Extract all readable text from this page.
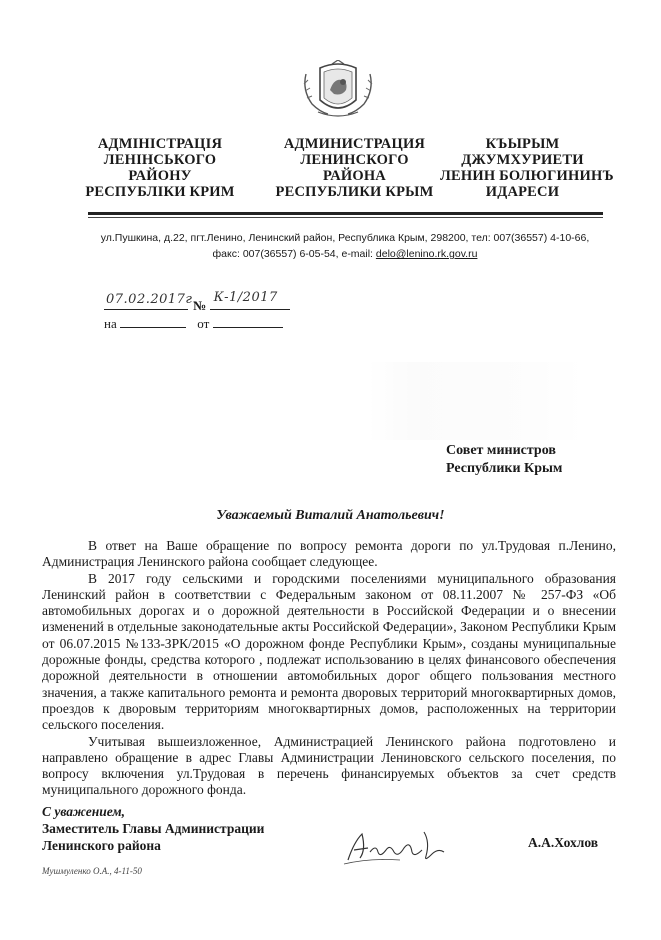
АДМІНІСТРАЦІЯ
ЛЕНІНСЬКОГО
РАЙОНУ
РЕСПУБЛІКИ КРИМ
АДМИНИСТРАЦИЯ
ЛЕНИНСКОГО
РАЙОНА
РЕСПУБЛИКИ КРЫМ
КЪЫРЫМ
ДЖУМХУРИЕТИ
ЛЕНИН БОЛЮГИНИНЪ
ИДАРЕСИ
ул.Пушкина, д.22, пгт.Ленино, Ленинский район, Республика Крым, 298200, тел: 007(36557) 4-10-66,
факс: 007(36557) 6-05-54, e-mail: delo@lenino.rk.gov.ru
07.02.2017г.
№
К-1/2017
на	от
Совет министров
Республики Крым
Уважаемый Виталий Анатольевич!

В ответ на Ваше обращение по вопросу ремонта дороги по ул.Трудовая п.Ленино, Администрация Ленинского района сообщает следующее.

В 2017 году сельскими и городскими поселениями муниципального образования Ленинский район в соответствии с Федеральным законом от 08.11.2007 № 257-ФЗ «Об автомобильных дорогах и о дорожной деятельности в Российской Федерации и о внесении изменений в отдельные законодательные акты Российской Федерации», Законом Республики Крым от 06.07.2015 №133-ЗРК/2015 «О дорожном фонде Республики Крым», созданы муниципальные дорожные фонды, средства которого , подлежат использованию в целях финансового обеспечения дорожной деятельности в отношении автомобильных дорог общего пользования местного значения, а также капитального ремонта и ремонта дворовых территорий многоквартирных домов, проездов к дворовым территориям многоквартирных домов, расположенных на территории сельского поселения.

Учитывая вышеизложенное, Администрацией Ленинского района подготовлено и направлено обращение в адрес Главы Администрации Лениновского сельского поселения, по вопросу включения ул.Трудовая в перечень финансируемых объектов за счет средств муниципального дорожного фонда.

С уважением,
Заместитель Главы Администрации
Ленинского района	А.А.Хохлов
Мушмуленко О.А., 4-11-50
